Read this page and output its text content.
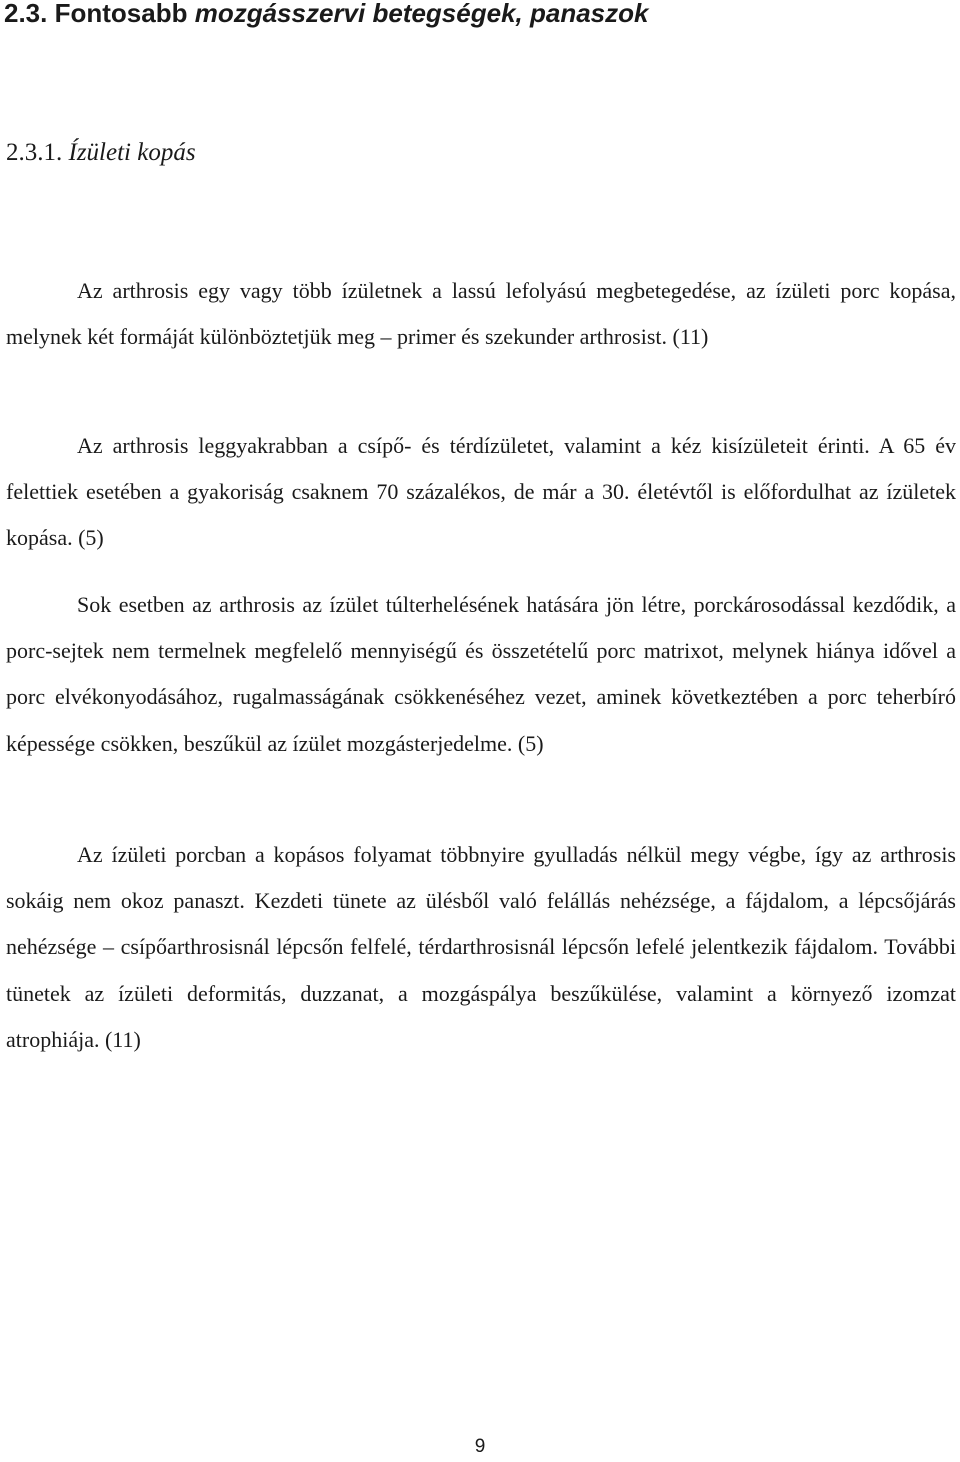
2.3. Fontosabb mozgásszervi betegségek, panaszok
2.3.1. Ízületi kopás

Az arthrosis egy vagy több ízületnek a lassú lefolyású megbetegedése, az ízületi porc kopása, melynek két formáját különböztetjük meg – primer és szekunder arthrosist. (11)

Az arthrosis leggyakrabban a csípő- és térdízületet, valamint a kéz kisízületeit érinti. A 65 év felettiek esetében a gyakoriság csaknem 70 százalékos, de már a 30. életévtől is előfordulhat az ízületek kopása. (5)

Sok esetben az arthrosis az ízület túlterhelésének hatására jön létre, porckárosodással kezdődik, a porc-sejtek nem termelnek megfelelő mennyiségű és összetételű porc matrixot, melynek hiánya idővel a porc elvékonyodásához, rugalmasságának csökkenéséhez vezet, aminek következtében a porc teherbíró képessége csökken, beszűkül az ízület mozgásterjedelme. (5)

Az ízületi porcban a kopásos folyamat többnyire gyulladás nélkül megy végbe, így az arthrosis sokáig nem okoz panaszt. Kezdeti tünete az ülésből való felállás nehézsége, a fájdalom, a lépcsőjárás nehézsége – csípőarthrosisnál lépcsőn felfelé, térdarthrosisnál lépcsőn lefelé jelentkezik fájdalom. További tünetek az ízületi deformitás, duzzanat, a mozgáspálya beszűkülése, valamint a környező izomzat atrophiája. (11)

9
